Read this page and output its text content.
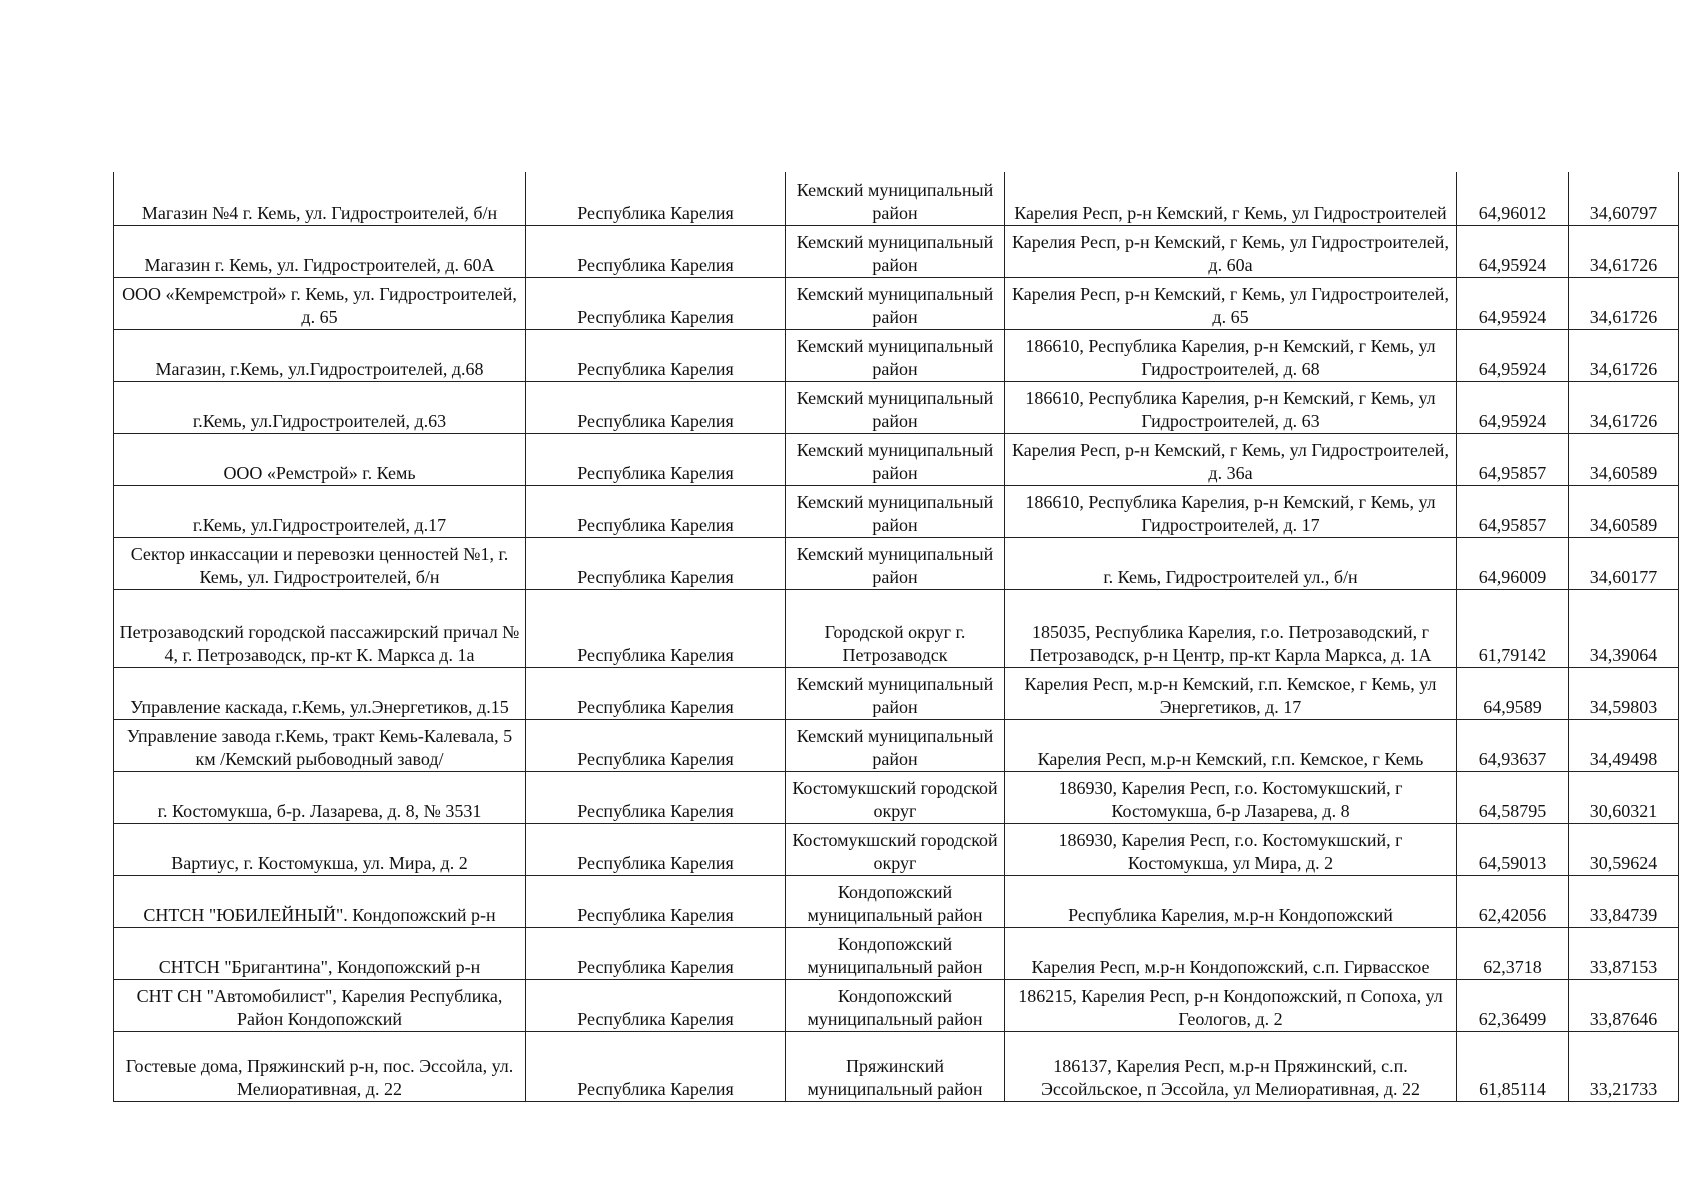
Магазин №4 г. Кемь, ул. Гидростроителей, б/н	Республика Карелия	Кемский муниципальный район	Карелия Респ, р-н Кемский, г Кемь, ул Гидростроителей	64,96012	34,60797
Магазин г. Кемь, ул. Гидростроителей, д. 60А	Республика Карелия	Кемский муниципальный район	Карелия Респ, р-н Кемский, г Кемь, ул Гидростроителей, д. 60а	64,95924	34,61726
ООО «Кемремстрой» г. Кемь, ул. Гидростроителей, д. 65	Республика Карелия	Кемский муниципальный район	Карелия Респ, р-н Кемский, г Кемь, ул Гидростроителей, д. 65	64,95924	34,61726
Магазин, г.Кемь, ул.Гидростроителей, д.68	Республика Карелия	Кемский муниципальный район	186610, Республика Карелия, р-н Кемский, г Кемь, ул Гидростроителей, д. 68	64,95924	34,61726
г.Кемь, ул.Гидростроителей, д.63	Республика Карелия	Кемский муниципальный район	186610, Республика Карелия, р-н Кемский, г Кемь, ул Гидростроителей, д. 63	64,95924	34,61726
ООО «Ремстрой» г. Кемь	Республика Карелия	Кемский муниципальный район	Карелия Респ, р-н Кемский, г Кемь, ул Гидростроителей, д. 36а	64,95857	34,60589
г.Кемь, ул.Гидростроителей, д.17	Республика Карелия	Кемский муниципальный район	186610, Республика Карелия, р-н Кемский, г Кемь, ул Гидростроителей, д. 17	64,95857	34,60589
Сектор инкассации и перевозки ценностей №1, г. Кемь, ул. Гидростроителей, б/н	Республика Карелия	Кемский муниципальный район	г. Кемь, Гидростроителей ул., б/н	64,96009	34,60177
Петрозаводский городской пассажирский причал № 4, г. Петрозаводск, пр-кт К. Маркса д. 1а	Республика Карелия	Городской округ г. Петрозаводск	185035, Республика Карелия, г.о. Петрозаводский, г Петрозаводск, р-н Центр, пр-кт Карла Маркса, д. 1А	61,79142	34,39064
Управление каскада, г.Кемь, ул.Энергетиков, д.15	Республика Карелия	Кемский муниципальный район	Карелия Респ, м.р-н Кемский, г.п. Кемское, г Кемь, ул Энергетиков, д. 17	64,9589	34,59803
Управление завода г.Кемь, тракт Кемь-Калевала, 5 км /Кемский рыбоводный завод/	Республика Карелия	Кемский муниципальный район	Карелия Респ, м.р-н Кемский, г.п. Кемское, г Кемь	64,93637	34,49498
г. Костомукша, б-р. Лазарева, д. 8, № 3531	Республика Карелия	Костомукшский городской округ	186930, Карелия Респ, г.о. Костомукшский, г Костомукша, б-р Лазарева, д. 8	64,58795	30,60321
Вартиус, г. Костомукша, ул. Мира, д. 2	Республика Карелия	Костомукшский городской округ	186930, Карелия Респ, г.о. Костомукшский, г Костомукша, ул Мира, д. 2	64,59013	30,59624
СНТСН "ЮБИЛЕЙНЫЙ". Кондопожский р-н	Республика Карелия	Кондопожский муниципальный район	Республика Карелия, м.р-н Кондопожский	62,42056	33,84739
СНТСН "Бригантина", Кондопожский р-н	Республика Карелия	Кондопожский муниципальный район	Карелия Респ, м.р-н Кондопожский, с.п. Гирвасское	62,3718	33,87153
СНТ СН "Автомобилист", Карелия Республика, Район Кондопожский	Республика Карелия	Кондопожский муниципальный район	186215, Карелия Респ, р-н Кондопожский, п Сопоха, ул Геологов, д. 2	62,36499	33,87646
Гостевые дома, Пряжинский р-н, пос. Эссойла, ул. Мелиоративная, д. 22	Республика Карелия	Пряжинский муниципальный район	186137, Карелия Респ, м.р-н Пряжинский, с.п. Эссойльское, п Эссойла, ул Мелиоративная, д. 22	61,85114	33,21733
